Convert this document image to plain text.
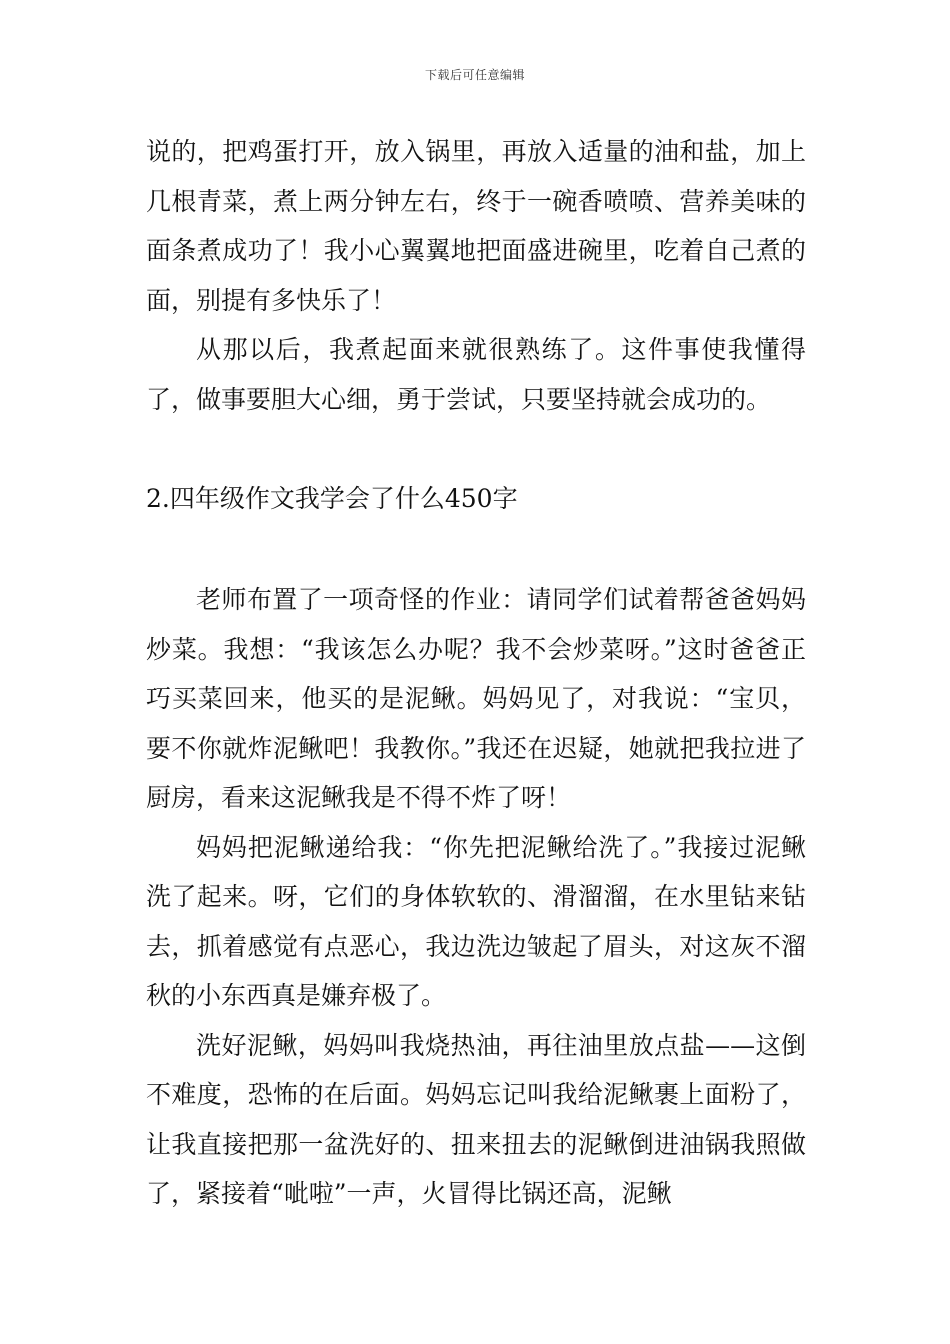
下载后可任意编辑

说的，把鸡蛋打开，放入锅里，再放入适量的油和盐，加上几根青菜，煮上两分钟左右，终于一碗香喷喷、营养美味的面条煮成功了！我小心翼翼地把面盛进碗里，吃着自己煮的面，别提有多快乐了！

从那以后，我煮起面来就很熟练了。这件事使我懂得了，做事要胆大心细，勇于尝试，只要坚持就会成功的。

2.四年级作文我学会了什么450字

老师布置了一项奇怪的作业：请同学们试着帮爸爸妈妈炒菜。我想：“我该怎么办呢？我不会炒菜呀。”这时爸爸正巧买菜回来，他买的是泥鳅。妈妈见了，对我说：“宝贝，要不你就炸泥鳅吧！我教你。”我还在迟疑，她就把我拉进了厨房，看来这泥鳅我是不得不炸了呀！

妈妈把泥鳅递给我：“你先把泥鳅给洗了。”我接过泥鳅洗了起来。呀，它们的身体软软的、滑溜溜，在水里钻来钻去，抓着感觉有点恶心，我边洗边皱起了眉头，对这灰不溜秋的小东西真是嫌弃极了。

洗好泥鳅，妈妈叫我烧热油，再往油里放点盐——这倒不难度，恐怖的在后面。妈妈忘记叫我给泥鳅裹上面粉了，让我直接把那一盆洗好的、扭来扭去的泥鳅倒进油锅我照做了，紧接着“呲啦”一声，火冒得比锅还高，泥鳅
